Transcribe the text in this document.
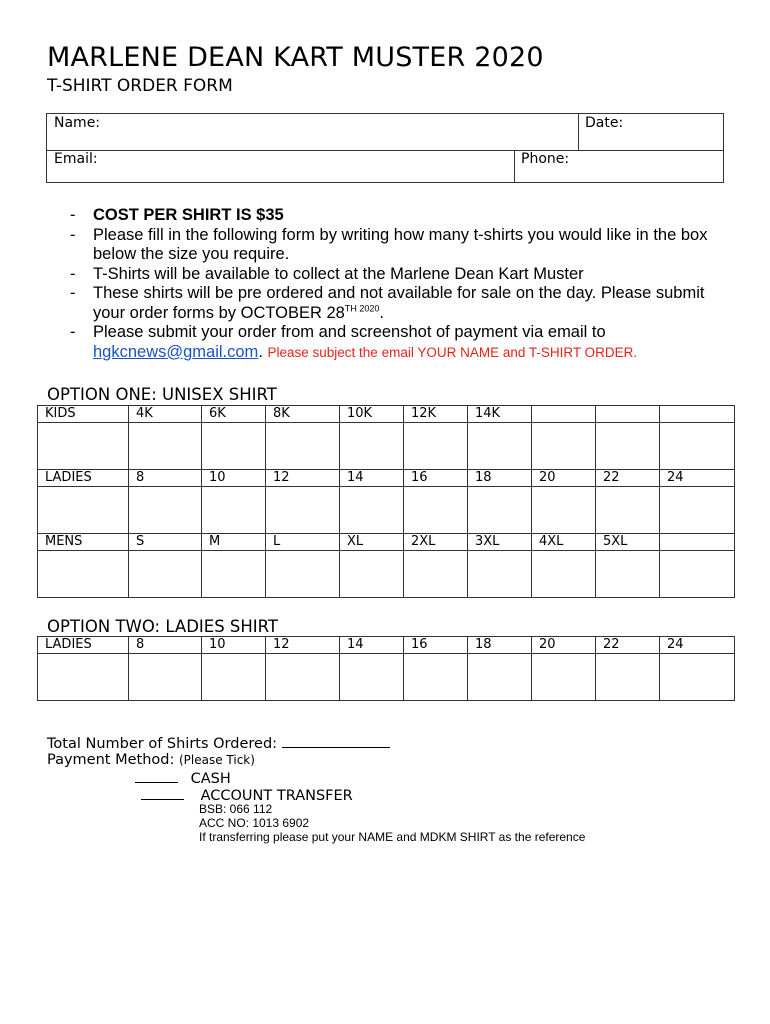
MARLENE DEAN KART MUSTER 2020
T-SHIRT ORDER FORM
Name:	Date:
Email:	Phone:
- COST PER SHIRT IS $35
- Please fill in the following form by writing how many t-shirts you would like in the box below the size you require.
- T-Shirts will be available to collect at the Marlene Dean Kart Muster
- These shirts will be pre ordered and not available for sale on the day. Please submit your order forms by OCTOBER $28^{TH 2020}$.
- Please submit your order from and screenshot of payment via email to hgkcnews@gmail.com. Please subject the email YOUR NAME and T-SHIRT ORDER.
OPTION ONE: UNISEX SHIRT
KIDS	4K	6K	8K	10K	12K	14K			

LADIES	8	10	12	14	16	18	20	22	24

MENS	S	M	L	XL	2XL	3XL	4XL	5XL	

OPTION TWO: LADIES SHIRT
LADIES	8	10	12	14	16	18	20	22	24

Total Number of Shirts Ordered:
Payment Method: (Please Tick)
CASH
ACCOUNT TRANSFER
BSB: 066 112
ACC NO: 1013 6902
If transferring please put your NAME and MDKM SHIRT as the reference
